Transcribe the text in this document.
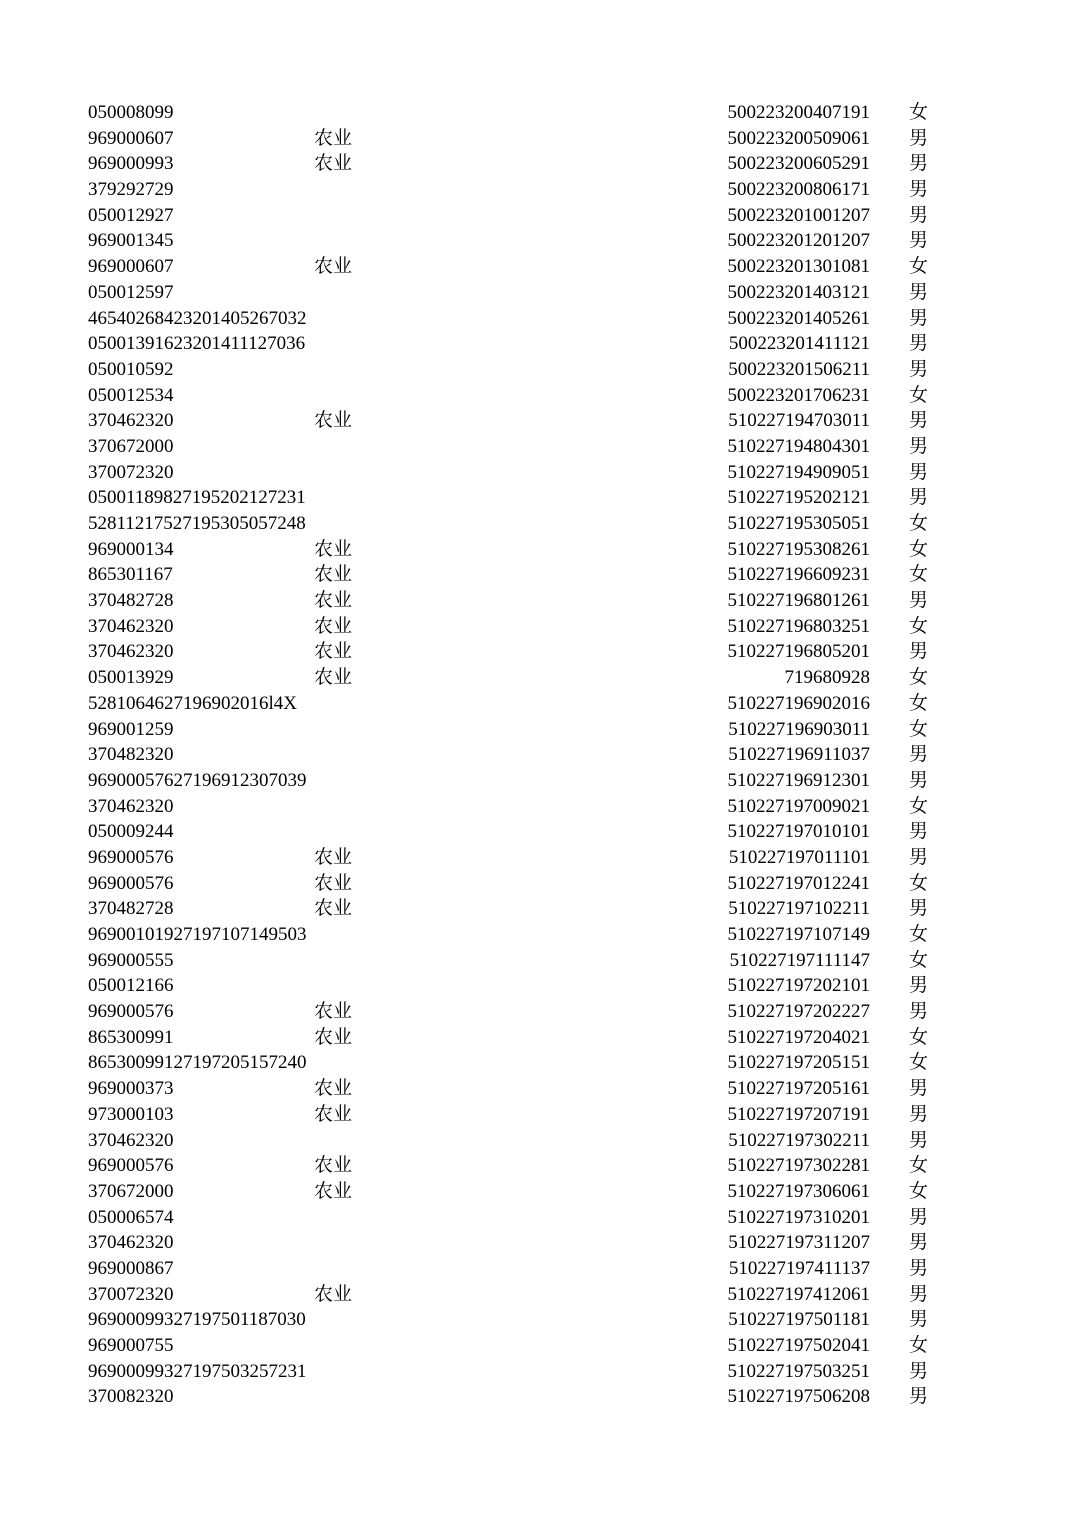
050008099	500223200407191 女
969000607	农业	500223200509061 男
969000993	农业	500223200605291 男
379292729	500223200806171 男
050012927	500223201001207 男
969001345	500223201201207 男
969000607	农业	500223201301081 女
050012597	500223201403121 男
46540268423201405267032	500223201405261 男
05001391623201411127036	500223201411121 男
050010592	500223201506211 男
050012534	500223201706231 女
370462320	农业	510227194703011 男
370672000	510227194804301 男
370072320	510227194909051 男
05001189827195202127231	510227195202121 男
52811217527195305057248	510227195305051 女
969000134	农业	510227195308261 女
865301167	农业	510227196609231 女
370482728	农业	510227196801261 男
370462320	农业	510227196803251 女
370462320	农业	510227196805201 男
050013929	农业	719680928 女
5281064627196902016l4X	510227196902016 女
969001259	510227196903011 女
370482320	510227196911037 男
96900057627196912307039	510227196912301 男
370462320	510227197009021 女
050009244	510227197010101 男
969000576	农业	510227197011101 男
969000576	农业	510227197012241 女
370482728	农业	510227197102211 男
96900101927197107149503	510227197107149 女
969000555	510227197111147 女
050012166	510227197202101 男
969000576	农业	510227197202227 男
865300991	农业	510227197204021 女
86530099127197205157240	510227197205151 女
969000373	农业	510227197205161 男
973000103	农业	510227197207191 男
370462320	510227197302211 男
969000576	农业	510227197302281 女
370672000	农业	510227197306061 女
050006574	510227197310201 男
370462320	510227197311207 男
969000867	510227197411137 男
370072320	农业	510227197412061 男
96900099327197501187030	510227197501181 男
969000755	510227197502041 女
96900099327197503257231	510227197503251 男
370082320	510227197506208 男
